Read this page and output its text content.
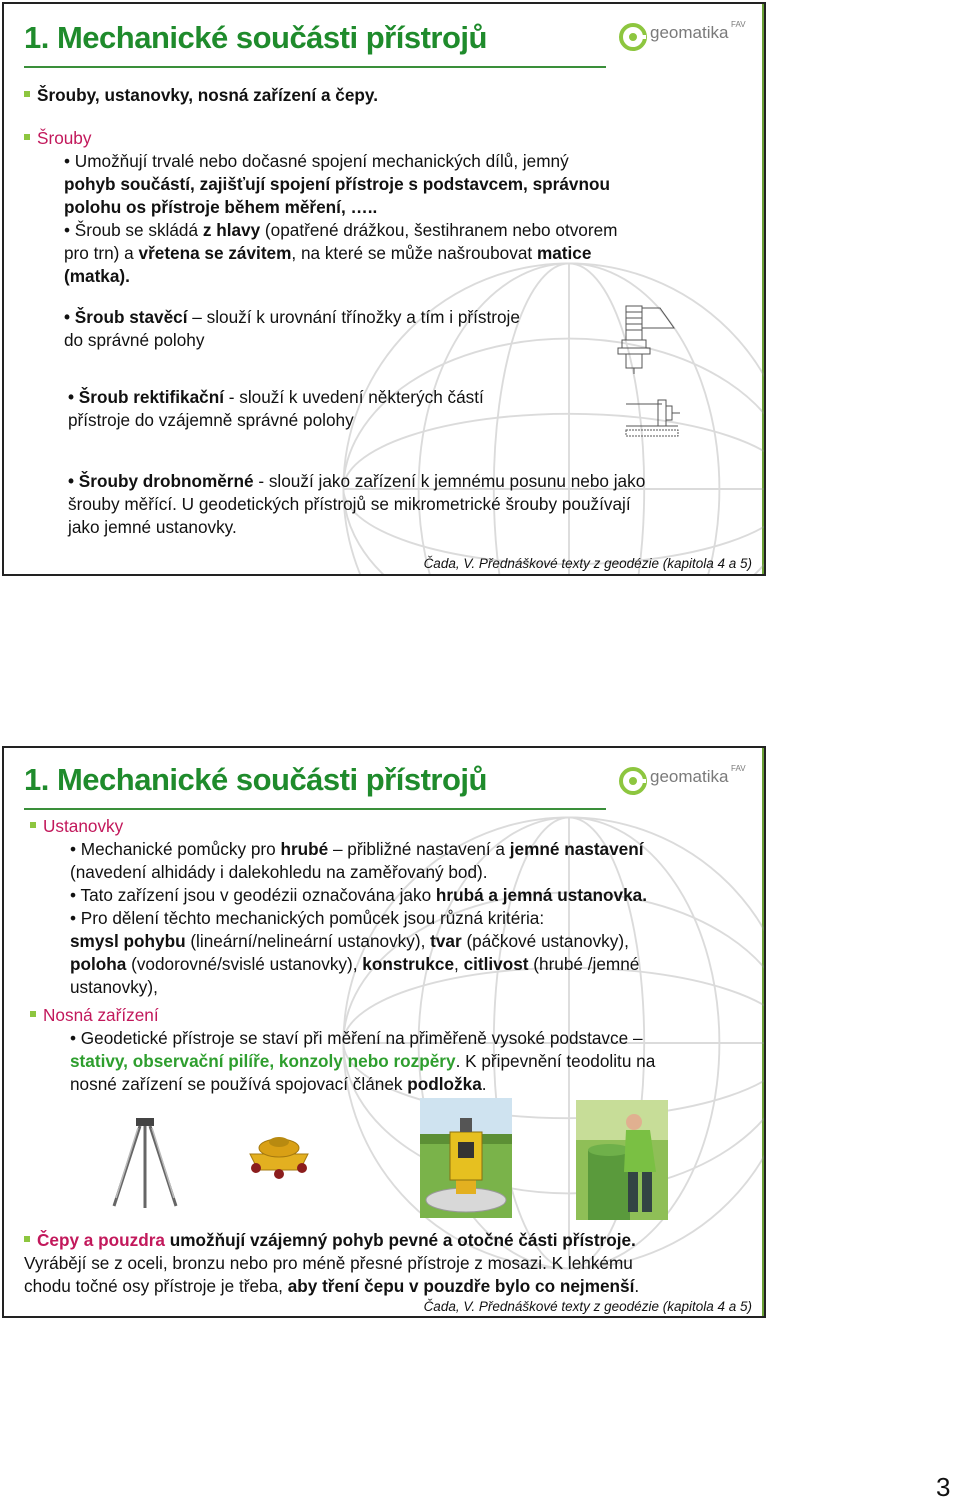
1. Mechanické součásti přístrojů	geomatika FAV
Šrouby, ustanovky, nosná zařízení a čepy.
Šrouby
• Umožňují trvalé nebo dočasné spojení mechanických dílů, jemný
pohyb součástí, zajišťují spojení přístroje s podstavcem, správnou
polohu os přístroje během měření, …..
• Šroub se skládá z hlavy (opatřené drážkou, šestihranem nebo otvorem
pro trn) a vřetena se závitem, na které se může našroubovat matice
(matka).
• Šroub stavěcí – slouží k urovnání třínožky a tím i přístroje
do správné polohy
• Šroub rektifikační - slouží k uvedení některých částí
přístroje do vzájemně správné polohy
• Šrouby drobnoměrné - slouží jako zařízení k jemnému posunu nebo jako
šrouby měřící. U geodetických přístrojů se mikrometrické šrouby používají
jako jemné ustanovky.
Čada, V. Přednáškové texty z geodézie (kapitola 4 a 5)
1. Mechanické součásti přístrojů	geomatika FAV
Ustanovky
• Mechanické pomůcky pro hrubé – přibližné nastavení a jemné nastavení
(navedení alhidády i dalekohledu na zaměřovaný bod).
• Tato zařízení jsou v geodézii označována jako hrubá a jemná ustanovka.
• Pro dělení těchto mechanických pomůcek jsou různá kritéria:
smysl pohybu (lineární/nelineární ustanovky), tvar (páčkové ustanovky),
poloha (vodorovné/svislé ustanovky), konstrukce, citlivost (hrubé /jemné
ustanovky),
Nosná zařízení
• Geodetické přístroje se staví při měření na přiměřeně vysoké podstavce –
stativy, observační pilíře, konzoly nebo rozpěry. K připevnění teodolitu na
nosné zařízení se používá spojovací článek podložka.
Čepy a pouzdra umožňují vzájemný pohyb pevné a otočné části přístroje.
Vyrábějí se z oceli, bronzu nebo pro méně přesné přístroje z mosazi. K lehkému
chodu točné osy přístroje je třeba, aby tření čepu v pouzdře bylo co nejmenší.
Čada, V. Přednáškové texty z geodézie (kapitola 4 a 5)
3
